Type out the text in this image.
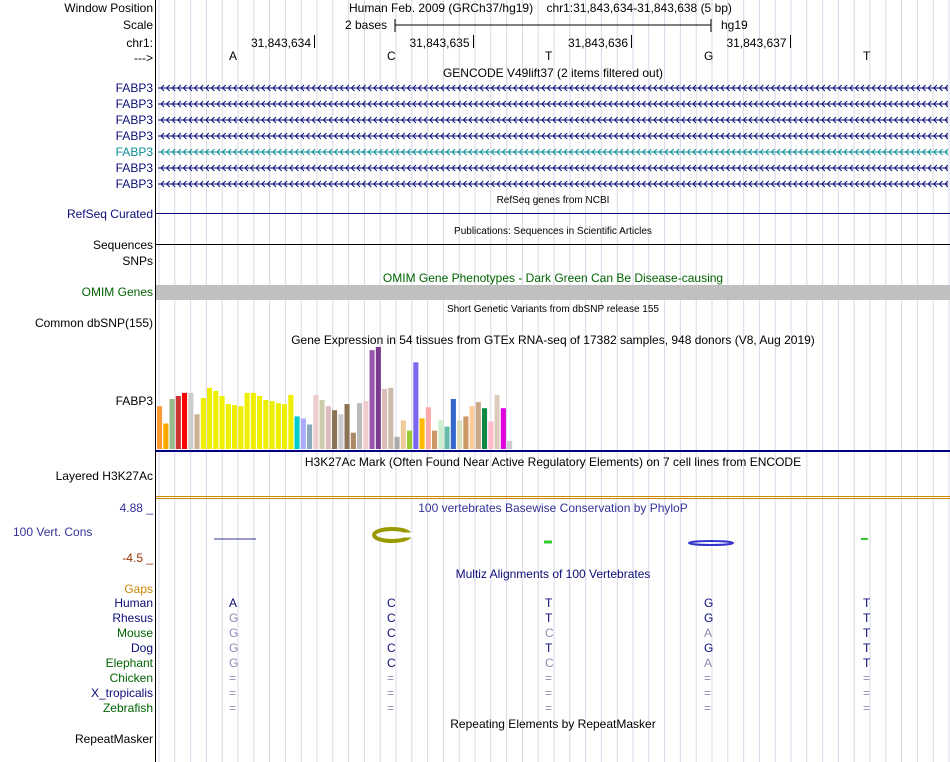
Window Position	Human Feb. 2009 (GRCh37/hg19)    chr1:31,843,634-31,843,638 (5 bp)
Scale	2 bases	hg19
chr1:	31,843,634	31,843,635	31,843,636	31,843,637
--->	A	C	T	G	T
GENCODE V49lift37 (2 items filtered out)
FABP3
FABP3
FABP3
FABP3
FABP3
FABP3
FABP3
RefSeq genes from NCBI
RefSeq Curated
Publications: Sequences in Scientific Articles
Sequences
SNPs
OMIM Gene Phenotypes - Dark Green Can Be Disease-causing
OMIM Genes
Short Genetic Variants from dbSNP release 155
Common dbSNP(155)
Gene Expression in 54 tissues from GTEx RNA-seq of 17382 samples, 948 donors (V8, Aug 2019)
FABP3
H3K27Ac Mark (Often Found Near Active Regulatory Elements) on 7 cell lines from ENCODE
Layered H3K27Ac
100 vertebrates Basewise Conservation by PhyloP
4.88 _
100 Vert. Cons
-4.5 _
Multiz Alignments of 100 Vertebrates
Gaps
Human	A	C	T	G	T
Rhesus	G	C	T	G	T
Mouse	G	C	C	A	T
Dog	G	C	T	G	T
Elephant	G	C	C	A	T
Chicken	=	=	=	=	=
X_tropicalis	=	=	=	=	=
Zebrafish	=	=	=	=	=
Repeating Elements by RepeatMasker
RepeatMasker
